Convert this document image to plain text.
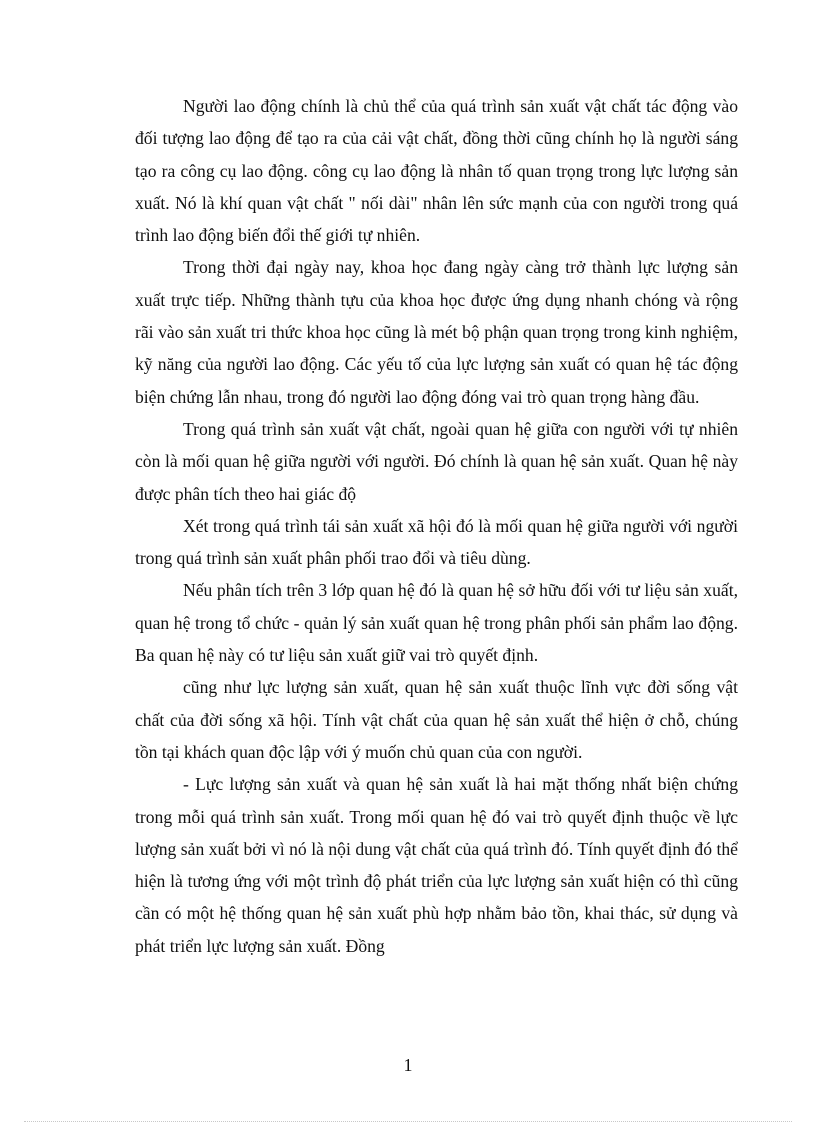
Người lao động chính là chủ thể của quá trình sản xuất vật chất tác động vào đối tượng lao động để tạo ra của cải vật chất, đồng thời cũng chính họ là người sáng tạo ra công cụ lao động. công cụ lao động là nhân tố quan trọng trong lực lượng sản xuất. Nó là khí quan vật chất " nối dài" nhân lên sức mạnh của con người trong quá trình lao động biến đổi thế giới tự nhiên.

Trong thời đại ngày nay, khoa học đang ngày càng trở thành lực lượng sản xuất trực tiếp. Những thành tựu của khoa học được ứng dụng nhanh chóng và rộng rãi vào sản xuất tri thức khoa học cũng là mét bộ phận quan trọng trong kinh nghiệm, kỹ năng của người lao động. Các yếu tố của lực lượng sản xuất có quan hệ tác động biện chứng lẫn nhau, trong đó người lao động đóng vai trò quan trọng hàng đầu.

Trong quá trình sản xuất vật chất, ngoài quan hệ giữa con người với tự nhiên còn là mối quan hệ giữa người với người. Đó chính là quan hệ sản xuất. Quan hệ này được phân tích theo hai giác độ

Xét trong quá trình tái sản xuất xã hội đó là mối quan hệ giữa người với người trong quá trình sản xuất phân phối trao đổi và tiêu dùng.

Nếu phân tích trên 3 lớp quan hệ đó là quan hệ sở hữu đối với tư liệu sản xuất, quan hệ trong tổ chức - quản lý sản xuất quan hệ trong phân phối sản phẩm lao động. Ba quan hệ này có tư liệu sản xuất giữ vai trò quyết định.

cũng như lực lượng sản xuất, quan hệ sản xuất thuộc lĩnh vực đời sống vật chất của đời sống xã hội. Tính vật chất của quan hệ sản xuất thể hiện ở chỗ, chúng tồn tại khách quan độc lập với ý muốn chủ quan của con người.

- Lực lượng sản xuất và quan hệ sản xuất là hai mặt thống nhất biện chứng trong mỗi quá trình sản xuất. Trong mối quan hệ đó vai trò quyết định thuộc về lực lượng sản xuất bởi vì nó là nội dung vật chất của quá trình đó. Tính quyết định đó thể hiện là tương ứng với một trình độ phát triển của lực lượng sản xuất hiện có thì cũng cần có một hệ thống quan hệ sản xuất phù hợp nhằm bảo tồn, khai thác, sử dụng và phát triển lực lượng sản xuất. Đồng

1
